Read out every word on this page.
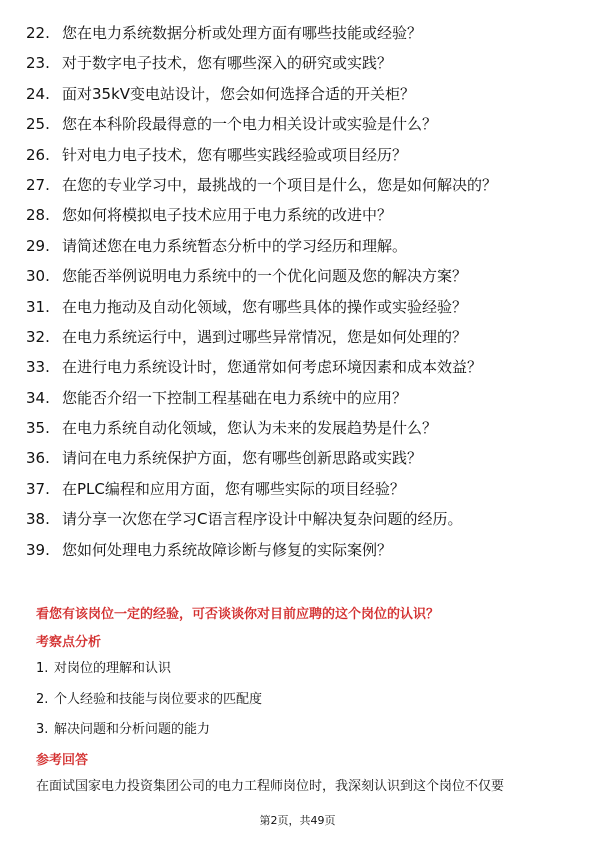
22. 您在电力系统数据分析或处理方面有哪些技能或经验？
23. 对于数字电子技术，您有哪些深入的研究或实践？
24. 面对35kV变电站设计，您会如何选择合适的开关柜？
25. 您在本科阶段最得意的一个电力相关设计或实验是什么？
26. 针对电力电子技术，您有哪些实践经验或项目经历？
27. 在您的专业学习中，最挑战的一个项目是什么，您是如何解决的？
28. 您如何将模拟电子技术应用于电力系统的改进中？
29. 请简述您在电力系统暂态分析中的学习经历和理解。
30. 您能否举例说明电力系统中的一个优化问题及您的解决方案？
31. 在电力拖动及自动化领域，您有哪些具体的操作或实验经验？
32. 在电力系统运行中，遇到过哪些异常情况，您是如何处理的？
33. 在进行电力系统设计时，您通常如何考虑环境因素和成本效益？
34. 您能否介绍一下控制工程基础在电力系统中的应用？
35. 在电力系统自动化领域，您认为未来的发展趋势是什么？
36. 请问在电力系统保护方面，您有哪些创新思路或实践？
37. 在PLC编程和应用方面，您有哪些实际的项目经验？
38. 请分享一次您在学习C语言程序设计中解决复杂问题的经历。
39. 您如何处理电力系统故障诊断与修复的实际案例？

看您有该岗位一定的经验，可否谈谈你对目前应聘的这个岗位的认识？

考察点分析

1. 对岗位的理解和认识
2. 个人经验和技能与岗位要求的匹配度
3. 解决问题和分析问题的能力

参考回答

在面试国家电力投资集团公司的电力工程师岗位时，我深刻认识到这个岗位不仅要

第2页，共49页
